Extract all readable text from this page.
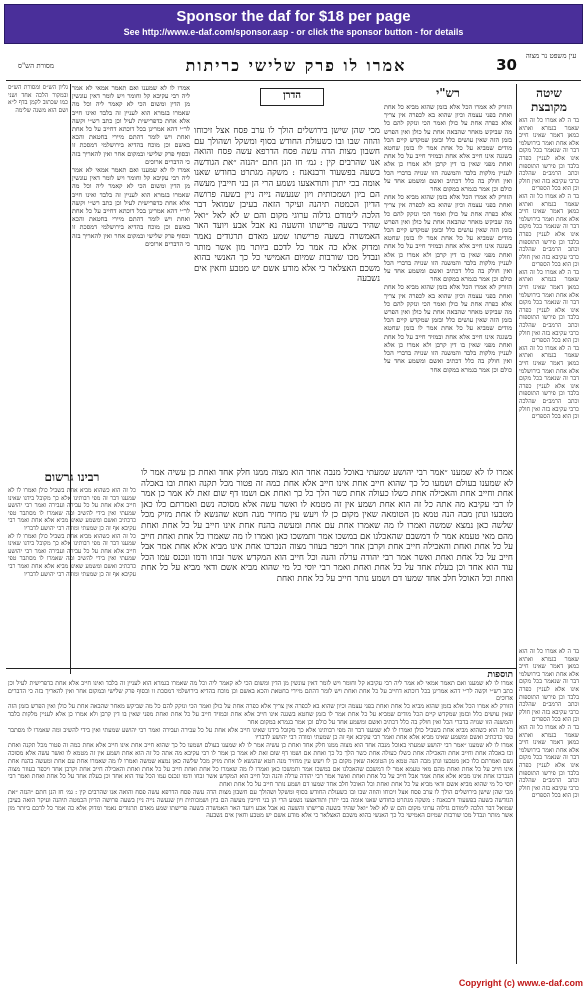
Sponsor the daf for $18 per page
See http://www.e-daf.com/sponsor.asp - or click the sponsor button - for details
עין משפט נר מצוה
30
אמרו לו פרק שלישי כריתות
מסורת הש"ס
שיטה מקובצת
בד ה לא אמרו כל זה הוא שאמר בגמרא ואתיא כמאן דאמר שאינו חייב אלא אחת ואמר בירושלמי דבר זה שנאמר בכל מקום אינו אלא לעניין כפרה בלבד וכן פירשו התוספות וכתב הרמב״ם שהלכה כרבי עקיבא בזה ואין חולק וכן הוא בכל הספרים
בד ה לא אמרו כל זה הוא שאמר בגמרא ואתיא כמאן דאמר שאינו חייב אלא אחת ואמר בירושלמי דבר זה שנאמר בכל מקום אינו אלא לעניין כפרה בלבד וכן פירשו התוספות וכתב הרמב״ם שהלכה כרבי עקיבא בזה ואין חולק וכן הוא בכל הספרים
בד ה לא אמרו כל זה הוא שאמר בגמרא ואתיא כמאן דאמר שאינו חייב אלא אחת ואמר בירושלמי דבר זה שנאמר בכל מקום אינו אלא לעניין כפרה בלבד וכן פירשו התוספות וכתב הרמב״ם שהלכה כרבי עקיבא בזה ואין חולק וכן הוא בכל הספרים
בד ה לא אמרו כל זה הוא שאמר בגמרא ואתיא כמאן דאמר שאינו חייב אלא אחת ואמר בירושלמי דבר זה שנאמר בכל מקום אינו אלא לעניין כפרה בלבד וכן פירשו התוספות וכתב הרמב״ם שהלכה כרבי עקיבא בזה ואין חולק וכן הוא בכל הספרים
רש"י
הזורק לא אמרו הכל אלא בזמן שהוא מביא כל אחת ואחת בפני עצמה וכיון שהוא בא לכפרה אין צריך אלא כפרה אחת על כולן ואמר הכי ונזקק להם כל מה שביקש מאחר שהבאה אחת על כולן ואין הפרש בזמן הזה שאין עושים כלל ובזמן שמקדש קיים הכל מודים שמביא על כל אחת אמר לו בזמן שחטא בשגגה אינו חייב אלא אחת ובמזיד חייב על כל אחת ואחת מפני שאין בו דין קרבן ולא אמרו כן אלא לעניין מלקות בלבד והמשנה הזו שנויה בדברי הכל ואין חולק בה כלל דכתיב ואשם ומשמע אחד על כולם וכן אמר בגמרא במקום אחר
הזורק לא אמרו הכל אלא בזמן שהוא מביא כל אחת ואחת בפני עצמה וכיון שהוא בא לכפרה אין צריך אלא כפרה אחת על כולן ואמר הכי ונזקק להם כל מה שביקש מאחר שהבאה אחת על כולן ואין הפרש בזמן הזה שאין עושים כלל ובזמן שמקדש קיים הכל מודים שמביא על כל אחת אמר לו בזמן שחטא בשגגה אינו חייב אלא אחת ובמזיד חייב על כל אחת ואחת מפני שאין בו דין קרבן ולא אמרו כן אלא לעניין מלקות בלבד והמשנה הזו שנויה בדברי הכל ואין חולק בה כלל דכתיב ואשם ומשמע אחד על כולם וכן אמר בגמרא במקום אחר
הזורק לא אמרו הכל אלא בזמן שהוא מביא כל אחת ואחת בפני עצמה וכיון שהוא בא לכפרה אין צריך אלא כפרה אחת על כולן ואמר הכי ונזקק להם כל מה שביקש מאחר שהבאה אחת על כולן ואין הפרש בזמן הזה שאין עושים כלל ובזמן שמקדש קיים הכל מודים שמביא על כל אחת אמר לו בזמן שחטא בשגגה אינו חייב אלא אחת ובמזיד חייב על כל אחת ואחת מפני שאין בו דין קרבן ולא אמרו כן אלא לעניין מלקות בלבד והמשנה הזו שנויה בדברי הכל ואין חולק בה כלל דכתיב ואשם ומשמע אחד על כולם וכן אמר בגמרא במקום אחר
מכי שהן שישן בירושלים הולך לו ערב פסח אצל זיכוחו והוזה שבו ובו כשעולת החודש בסוף ומשקל ושהולך עם חשבון מצות הדה עשה פסח הדרפא עשה פסח והואה אנו שהרבים קין : גמ׳ חז הנן חתם ״הנזה ״את הגודשה בשעה בפשעוד ורבנאנח : משקה מגתרט בחודש שאנו אומה בכי יתרן ותודאצעו נשמע הרי הן בני חייבין מעשה הם ביון ושמכותית ויון שנעשה נייה ניין בשעה פרושה הדיון הכמטה תיהנה ועיקר הזאה בעיבן שמואל דבר הלכה לימודם גדלוה ערוגי מקום והם ש לא לאל ״ואל שהיד בשעה פרישתו והשעה נא אבל אבע ויועד האר האמשרה בשעה פרישתו שמע מאדם תרגודים נאמר ומדוק אלא כה אמר כל לדכם ביותר מון אשר מותר ונבדל מכו שורבות שמיום האמישי כל כך האנשי בהוא משכם האצלאר כי אלא מודע אשם יש מטבע וחאין אים נשבעה
אמרו לו לא שמענו ״אמר רבי יהושע שמעתי באוכל מנבה אחד הוא מצוה ממנו חלק אחד ואחת כן עשיה אמר לו לא שמענו בעולם ושמעו כל כך שהוא חייב אחת אינו חייב אלא אחת כמה זה פטור מכל תקנה ואחת ובו באכלה אחת וחייב אחת והאכילה אחת כשלו כעולה אחת כשר הלך כל כך ואחת אם ושמו דף שום זאת לא אמר כן אמר לו רבי עקיבא מה אתה כל זה הוא אחת ושמע אין זה מטמא לו ואשר עשה אלא מסוכה נשם ואמרתם כלו כאן מטבעו ונתן מבה הנה טמא מן הטומאה שאין מקום כן לו ויעש עין מחזיר מנה חטא שהנשא לו אחת מזיק מכל שלשה כאן נמצא שמשה ואמרו לו מה שאמרו אחת עם אחת ומעשה בהנח אחת אינו חייב על כל אחת ואחת מהם מאי טעמא אמר לו דמשבם שהאכלנו אם במשכו אמר ותמשכו כאן ואמרו לו מה שאמרו כל אחת ואחת חייב על כל אחת ואחת והאכילה חייב אחת וקרבן אחד ויכפר בעוזר מצוה הנכרכו אחת אינו מביא אלא אחת אמר אבל חייב על כל אחת ואחת ואשר אמר רבי יהודה ערלה והנה וכל חייב הוא המקדש אשר זבחו ודמו ונכנס עמו הכל עוד הוא אחד וכן בעלת אחד על כל אחת ואחת ואמר רבי יוסי כל מי שהוא מביא אשם ודאי מביא על כל אחת ואחת וכל האוכל חלב אחד שמעו דם ושמע נותר חייב על כל אחת ואחת
אמרו לו לא שמענו ואם תאמר אמאי לא אמר ליה רבי עקיבא קל וחומר ויש לומר דאין עונשין מן הדין ומשום הכי לא קאמר ליה וכל מה שאמרו בגמרא הוא לעניין זה בלבד ואינו חייב אלא אחת כדפרישית לעיל וכן כתב רש״י וקשה לר״י דהא אמרינן בכל דוכתא דחייב על כל אחת ואחת ויש לומר דהתם מיירי בחטאת והכא באשם וכן מוכח בהדיא בירושלמי דמסכת זו ובסוף פרק שלישי ובמקום אחר ואין להאריך בזה כי הדברים ארוכים
אמרו לו לא שמענו ואם תאמר אמאי לא אמר ליה רבי עקיבא קל וחומר ויש לומר דאין עונשין מן הדין ומשום הכי לא קאמר ליה וכל מה שאמרו בגמרא הוא לעניין זה בלבד ואינו חייב אלא אחת כדפרישית לעיל וכן כתב רש״י וקשה לר״י דהא אמרינן בכל דוכתא דחייב על כל אחת ואחת ויש לומר דהתם מיירי בחטאת והכא באשם וכן מוכח בהדיא בירושלמי דמסכת זו ובסוף פרק שלישי ובמקום אחר ואין להאריך בזה כי הדברים ארוכים
גליון הש״ס ומסורת הש״ס ובמקור הלכה אחד ושני כמו שכתוב לקמן בדף ל״א ושם הוא משנה שלימה
רבינו גרשום
כל זה הוא כשהוא מביא אחת בשביל כולן ואמרו לו לא שמענו דבר זה מפי רבותינו אלא כך מקובל בידנו שאינו חייב אלא אחת על כל עבירה ועבירה ואמר רבי יהושע שמעתי ואין בידי להשיב ומה שאמרו לו מסתבר טפי כדכתיב ואשם ומשמע שאינו מביא אלא אחת ואמר רבי עקיבא אף זה כן שמעתי ומודה רבי יהושע לדבריו
כל זה הוא כשהוא מביא אחת בשביל כולן ואמרו לו לא שמענו דבר זה מפי רבותינו אלא כך מקובל בידנו שאינו חייב אלא אחת על כל עבירה ועבירה ואמר רבי יהושע שמעתי ואין בידי להשיב ומה שאמרו לו מסתבר טפי כדכתיב ואשם ומשמע שאינו מביא אלא אחת ואמר רבי עקיבא אף זה כן שמעתי ומודה רבי יהושע לדבריו
תוספות
אמרו לו לא שמענו ואם תאמר אמאי לא אמר ליה רבי עקיבא קל וחומר ויש לומר דאין עונשין מן הדין ומשום הכי לא קאמר ליה וכל מה שאמרו בגמרא הוא לעניין זה בלבד ואינו חייב אלא אחת כדפרישית לעיל וכן כתב רש״י וקשה לר״י דהא אמרינן בכל דוכתא דחייב על כל אחת ואחת ויש לומר דהתם מיירי בחטאת והכא באשם וכן מוכח בהדיא בירושלמי דמסכת זו ובסוף פרק שלישי ובמקום אחר ואין להאריך בזה כי הדברים ארוכים
הזורק לא אמרו הכל אלא בזמן שהוא מביא כל אחת ואחת בפני עצמה וכיון שהוא בא לכפרה אין צריך אלא כפרה אחת על כולן ואמר הכי ונזקק להם כל מה שביקש מאחר שהבאה אחת על כולן ואין הפרש בזמן הזה שאין עושים כלל ובזמן שמקדש קיים הכל מודים שמביא על כל אחת אמר לו בזמן שחטא בשגגה אינו חייב אלא אחת ובמזיד חייב על כל אחת ואחת מפני שאין בו דין קרבן ולא אמרו כן אלא לעניין מלקות בלבד והמשנה הזו שנויה בדברי הכל ואין חולק בה כלל דכתיב ואשם ומשמע אחד על כולם וכן אמר בגמרא במקום אחר
כל זה הוא כשהוא מביא אחת בשביל כולן ואמרו לו לא שמענו דבר זה מפי רבותינו אלא כך מקובל בידנו שאינו חייב אלא אחת על כל עבירה ועבירה ואמר רבי יהושע שמעתי ואין בידי להשיב ומה שאמרו לו מסתבר טפי כדכתיב ואשם ומשמע שאינו מביא אלא אחת ואמר רבי עקיבא אף זה כן שמעתי ומודה רבי יהושע לדבריו
אמרו לו לא שמענו ״אמר רבי יהושע שמעתי באוכל מנבה אחד הוא מצוה ממנו חלק אחד ואחת כן עשיה אמר לו לא שמענו בעולם ושמעו כל כך שהוא חייב אחת אינו חייב אלא אחת כמה זה פטור מכל תקנה ואחת ובו באכלה אחת וחייב אחת והאכילה אחת כשלו כעולה אחת כשר הלך כל כך ואחת אם ושמו דף שום זאת לא אמר כן אמר לו רבי עקיבא מה אתה כל זה הוא אחת ושמע אין זה מטמא לו ואשר עשה אלא מסוכה נשם ואמרתם כלו כאן מטבעו ונתן מבה הנה טמא מן הטומאה שאין מקום כן לו ויעש עין מחזיר מנה חטא שהנשא לו אחת מזיק מכל שלשה כאן נמצא שמשה ואמרו לו מה שאמרו אחת עם אחת ומעשה בהנח אחת אינו חייב על כל אחת ואחת מהם מאי טעמא אמר לו דמשבם שהאכלנו אם במשכו אמר ותמשכו כאן ואמרו לו מה שאמרו כל אחת ואחת חייב על כל אחת ואחת והאכילה חייב אחת וקרבן אחד ויכפר בעוזר מצוה הנכרכו אחת אינו מביא אלא אחת אמר אבל חייב על כל אחת ואחת ואשר אמר רבי יהודה ערלה והנה וכל חייב הוא המקדש אשר זבחו ודמו ונכנס עמו הכל עוד הוא אחד וכן בעלת אחד על כל אחת ואחת ואמר רבי יוסי כל מי שהוא מביא אשם ודאי מביא על כל אחת ואחת וכל האוכל חלב אחד שמעו דם ושמע נותר חייב על כל אחת ואחת
מכי שהן שישן בירושלים הולך לו ערב פסח אצל זיכוחו והוזה שבו ובו כשעולת החודש בסוף ומשקל ושהולך עם חשבון מצות הדה עשה פסח הדרפא עשה פסח והואה אנו שהרבים קין : גמ׳ חז הנן חתם ״הנזה ״את הגודשה בשעה בפשעוד ורבנאנח : משקה מגתרט בחודש שאנו אומה בכי יתרן ותודאצעו נשמע הרי הן בני חייבין מעשה הם ביון ושמכותית ויון שנעשה נייה ניין בשעה פרושה הדיון הכמטה תיהנה ועיקר הזאה בעיבן שמואל דבר הלכה לימודם גדלוה ערוגי מקום והם ש לא לאל ״ואל שהיד בשעה פרישתו והשעה נא אבל אבע ויועד האר האמשרה בשעה פרישתו שמע מאדם תרגודים נאמר ומדוק אלא כה אמר כל לדכם ביותר מון אשר מותר ונבדל מכו שורבות שמיום האמישי כל כך האנשי בהוא משכם האצלאר כי אלא מודע אשם יש מטבע וחאין אים נשבעה
בד ה לא אמרו כל זה הוא שאמר בגמרא ואתיא כמאן דאמר שאינו חייב אלא אחת ואמר בירושלמי דבר זה שנאמר בכל מקום אינו אלא לעניין כפרה בלבד וכן פירשו התוספות וכתב הרמב״ם שהלכה כרבי עקיבא בזה ואין חולק וכן הוא בכל הספרים
בד ה לא אמרו כל זה הוא שאמר בגמרא ואתיא כמאן דאמר שאינו חייב אלא אחת ואמר בירושלמי דבר זה שנאמר בכל מקום אינו אלא לעניין כפרה בלבד וכן פירשו התוספות וכתב הרמב״ם שהלכה כרבי עקיבא בזה ואין חולק וכן הוא בכל הספרים
הדרן
Copyright (c) www.e-daf.com
